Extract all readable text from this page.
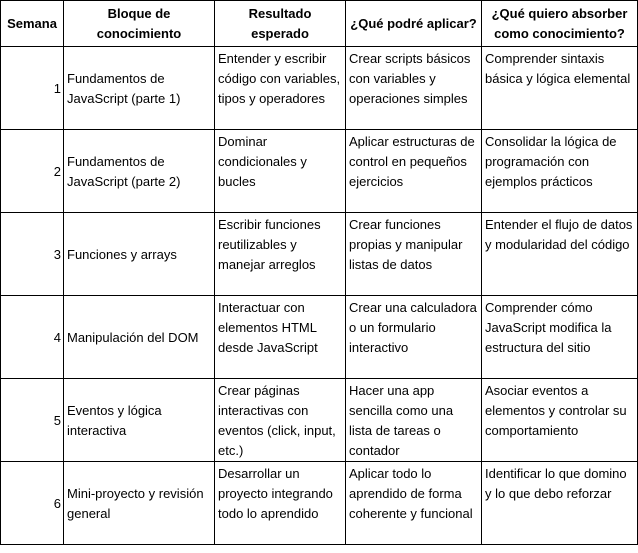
Semana	Bloque de conocimiento	Resultado esperado	¿Qué podré aplicar?	¿Qué quiero absorber como conocimiento?
1	Fundamentos de JavaScript (parte 1)	Entender y escribir código con variables, tipos y operadores	Crear scripts básicos con variables y operaciones simples	Comprender sintaxis básica y lógica elemental
2	Fundamentos de JavaScript (parte 2)	Dominar condicionales y bucles	Aplicar estructuras de control en pequeños ejercicios	Consolidar la lógica de programación con ejemplos prácticos
3	Funciones y arrays	Escribir funciones reutilizables y manejar arreglos	Crear funciones propias y manipular listas de datos	Entender el flujo de datos y modularidad del código
4	Manipulación del DOM	Interactuar con elementos HTML desde JavaScript	Crear una calculadora o un formulario interactivo	Comprender cómo JavaScript modifica la estructura del sitio
5	Eventos y lógica interactiva	Crear páginas interactivas con eventos (click, input, etc.)	Hacer una app sencilla como una lista de tareas o contador	Asociar eventos a elementos y controlar su comportamiento
6	Mini-proyecto y revisión general	Desarrollar un proyecto integrando todo lo aprendido	Aplicar todo lo aprendido de forma coherente y funcional	Identificar lo que domino y lo que debo reforzar
